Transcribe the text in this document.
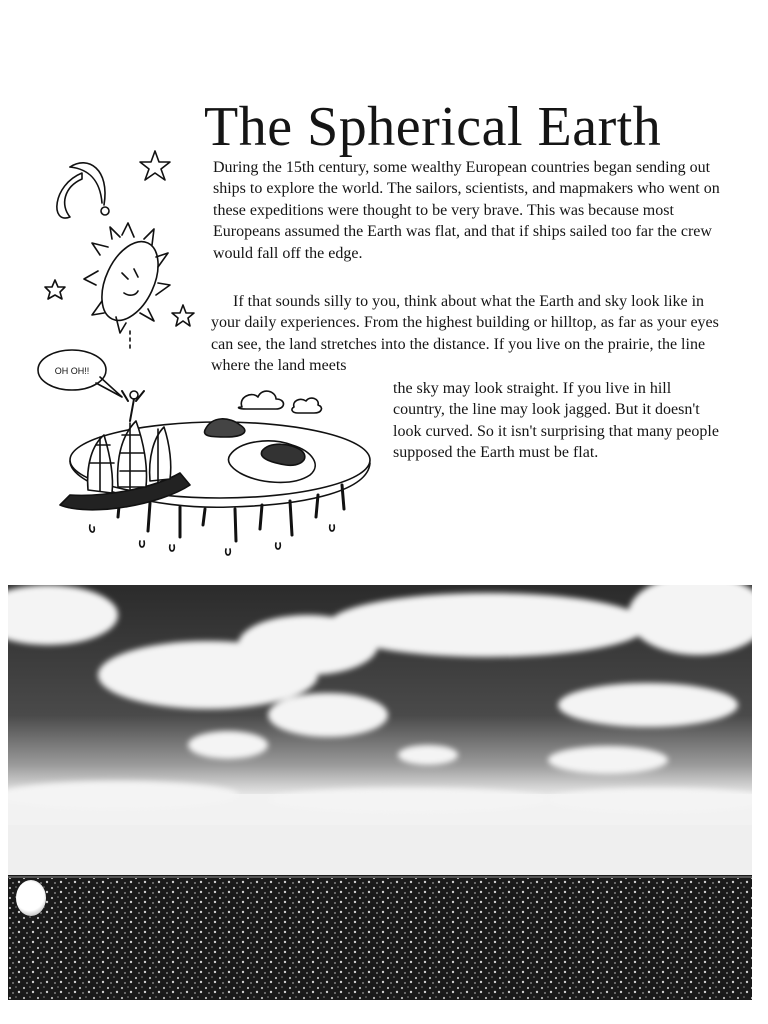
The Spherical Earth

During the 15th century, some wealthy European countries began sending out ships to explore the world. The sailors, scientists, and mapmakers who went on these expeditions were thought to be very brave. This was because most Europeans assumed the Earth was flat, and that if ships sailed too far the crew would fall off the edge.

If that sounds silly to you, think about what the Earth and sky look like in your daily experiences. From the highest building or hilltop, as far as your eyes can see, the land stretches into the distance. If you live on the prairie, the line where the land meets

the sky may look straight. If you live in hill country, the line may look jagged. But it doesn't look curved. So it isn't surprising that many people supposed the Earth must be flat.

OH OH!!
